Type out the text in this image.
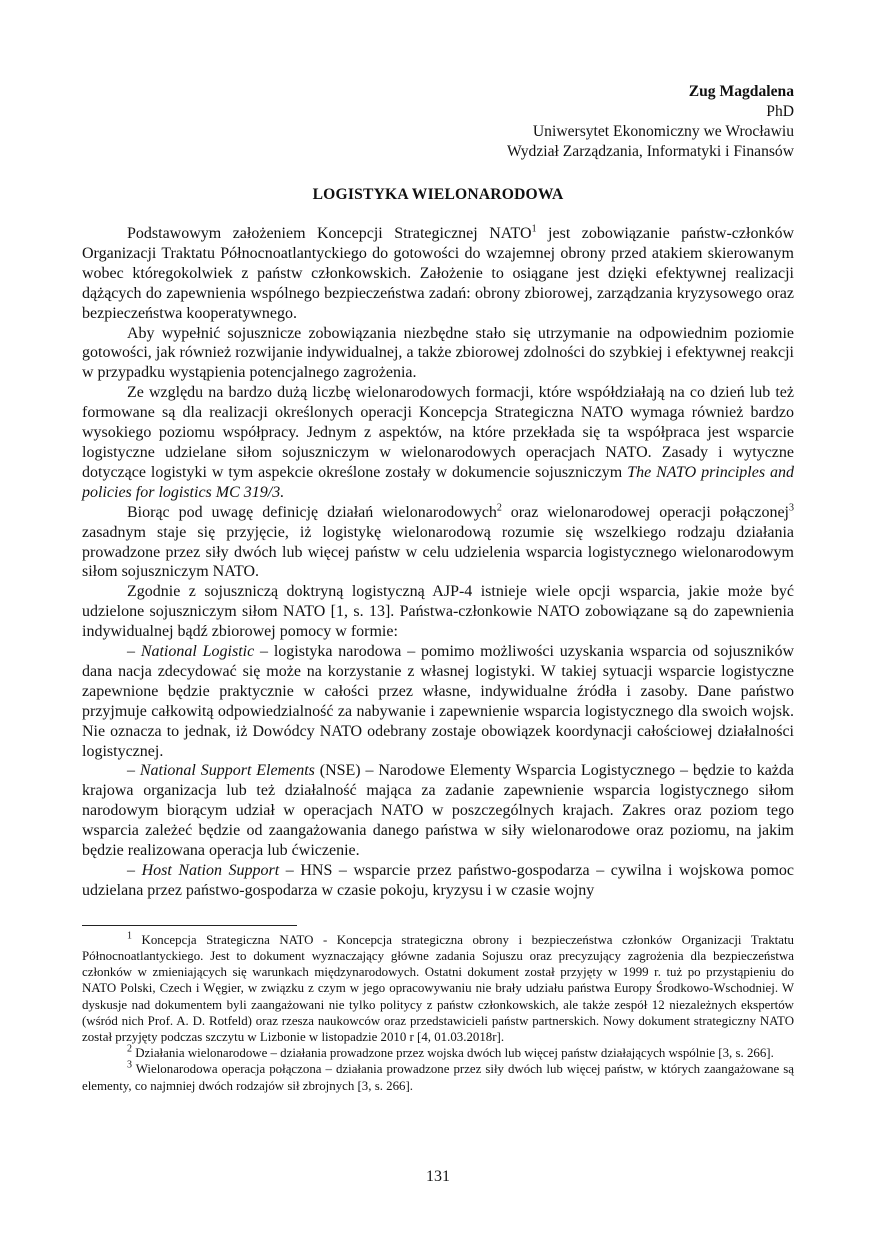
Zug Magdalena
PhD
Uniwersytet Ekonomiczny we Wrocławiu
Wydział Zarządzania, Informatyki i Finansów
LOGISTYKA WIELONARODOWA

Podstawowym założeniem Koncepcji Strategicznej NATO$^1$ jest zobowiązanie państw-członków Organizacji Traktatu Północnoatlantyckiego do gotowości do wzajemnej obrony przed atakiem skierowanym wobec któregokolwiek z państw członkowskich. Założenie to osiągane jest dzięki efektywnej realizacji dążących do zapewnienia wspólnego bezpieczeństwa zadań: obrony zbiorowej, zarządzania kryzysowego oraz bezpieczeństwa kooperatywnego.

Aby wypełnić sojusznicze zobowiązania niezbędne stało się utrzymanie na odpowiednim poziomie gotowości, jak również rozwijanie indywidualnej, a także zbiorowej zdolności do szybkiej i efektywnej reakcji w przypadku wystąpienia potencjalnego zagrożenia.

Ze względu na bardzo dużą liczbę wielonarodowych formacji, które współdziałają na co dzień lub też formowane są dla realizacji określonych operacji Koncepcja Strategiczna NATO wymaga również bardzo wysokiego poziomu współpracy. Jednym z aspektów, na które przekłada się ta współpraca jest wsparcie logistyczne udzielane siłom sojuszniczym w wielonarodowych operacjach NATO. Zasady i wytyczne dotyczące logistyki w tym aspekcie określone zostały w dokumencie sojuszniczym The NATO principles and policies for logistics MC 319/3.

Biorąc pod uwagę definicję działań wielonarodowych$^2$ oraz wielonarodowej operacji połączonej$^3$ zasadnym staje się przyjęcie, iż logistykę wielonarodową rozumie się wszelkiego rodzaju działania prowadzone przez siły dwóch lub więcej państw w celu udzielenia wsparcia logistycznego wielonarodowym siłom sojuszniczym NATO.

Zgodnie z sojuszniczą doktryną logistyczną AJP-4 istnieje wiele opcji wsparcia, jakie może być udzielone sojuszniczym siłom NATO [1, s. 13]. Państwa-członkowie NATO zobowiązane są do zapewnienia indywidualnej bądź zbiorowej pomocy w formie:

– National Logistic – logistyka narodowa – pomimo możliwości uzyskania wsparcia od sojuszników dana nacja zdecydować się może na korzystanie z własnej logistyki. W takiej sytuacji wsparcie logistyczne zapewnione będzie praktycznie w całości przez własne, indywidualne źródła i zasoby. Dane państwo przyjmuje całkowitą odpowiedzialność za nabywanie i zapewnienie wsparcia logistycznego dla swoich wojsk. Nie oznacza to jednak, iż Dowódcy NATO odebrany zostaje obowiązek koordynacji całościowej działalności logistycznej.

– National Support Elements (NSE) – Narodowe Elementy Wsparcia Logistycznego – będzie to każda krajowa organizacja lub też działalność mająca za zadanie zapewnienie wsparcia logistycznego siłom narodowym biorącym udział w operacjach NATO w poszczególnych krajach. Zakres oraz poziom tego wsparcia zależeć będzie od zaangażowania danego państwa w siły wielonarodowe oraz poziomu, na jakim będzie realizowana operacja lub ćwiczenie.

– Host Nation Support – HNS – wsparcie przez państwo-gospodarza – cywilna i wojskowa pomoc udzielana przez państwo-gospodarza w czasie pokoju, kryzysu i w czasie wojny

$^1$ Koncepcja Strategiczna NATO - Koncepcja strategiczna obrony i bezpieczeństwa członków Organizacji Traktatu Północnoatlantyckiego. Jest to dokument wyznaczający główne zadania Sojuszu oraz precyzujący zagrożenia dla bezpieczeństwa członków w zmieniających się warunkach międzynarodowych. Ostatni dokument został przyjęty w 1999 r. tuż po przystąpieniu do NATO Polski, Czech i Węgier, w związku z czym w jego opracowywaniu nie brały udziału państwa Europy Środkowo-Wschodniej. W dyskusje nad dokumentem byli zaangażowani nie tylko politycy z państw członkowskich, ale także zespół 12 niezależnych ekspertów (wśród nich Prof. A. D. Rotfeld) oraz rzesza naukowców oraz przedstawicieli państw partnerskich. Nowy dokument strategiczny NATO został przyjęty podczas szczytu w Lizbonie w listopadzie 2010 r [4, 01.03.2018r].

$^2$ Działania wielonarodowe – działania prowadzone przez wojska dwóch lub więcej państw działających wspólnie [3, s. 266].

$^3$ Wielonarodowa operacja połączona – działania prowadzone przez siły dwóch lub więcej państw, w których zaangażowane są elementy, co najmniej dwóch rodzajów sił zbrojnych [3, s. 266].

131
